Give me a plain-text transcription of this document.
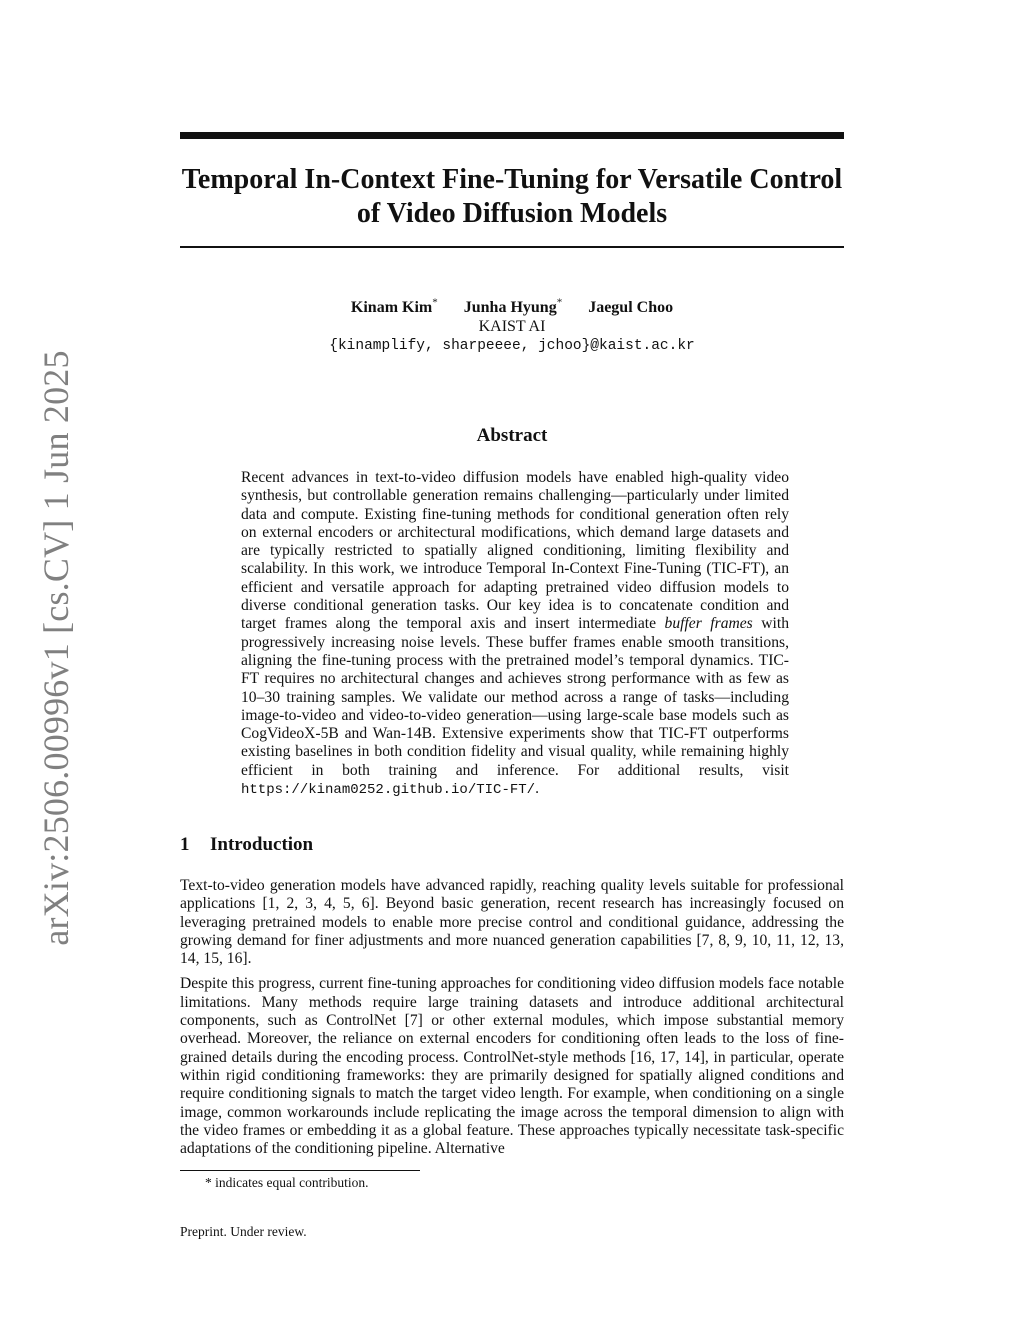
arXiv:2506.00996v1 [cs.CV] 1 Jun 2025
Temporal In-Context Fine-Tuning for Versatile Control of Video Diffusion Models
Kinam Kim* Junha Hyung* Jaegul Choo
KAIST AI
{kinamplify, sharpeeee, jchoo}@kaist.ac.kr
Abstract
Recent advances in text-to-video diffusion models have enabled high-quality video synthesis, but controllable generation remains challenging—particularly under limited data and compute. Existing fine-tuning methods for conditional generation often rely on external encoders or architectural modifications, which demand large datasets and are typically restricted to spatially aligned conditioning, limiting flexibility and scalability. In this work, we introduce Temporal In-Context Fine-Tuning (TIC-FT), an efficient and versatile approach for adapting pretrained video diffusion models to diverse conditional generation tasks. Our key idea is to concatenate condition and target frames along the temporal axis and insert intermediate buffer frames with progressively increasing noise levels. These buffer frames enable smooth transitions, aligning the fine-tuning process with the pretrained model’s temporal dynamics. TIC-FT requires no architectural changes and achieves strong performance with as few as 10–30 training samples. We validate our method across a range of tasks—including image-to-video and video-to-video generation—using large-scale base models such as CogVideoX-5B and Wan-14B. Extensive experiments show that TIC-FT outperforms existing baselines in both condition fidelity and visual quality, while remaining highly efficient in both training and inference. For additional results, visit https://kinam0252.github.io/TIC-FT/.
1 Introduction

Text-to-video generation models have advanced rapidly, reaching quality levels suitable for professional applications [1, 2, 3, 4, 5, 6]. Beyond basic generation, recent research has increasingly focused on leveraging pretrained models to enable more precise control and conditional guidance, addressing the growing demand for finer adjustments and more nuanced generation capabilities [7, 8, 9, 10, 11, 12, 13, 14, 15, 16].

Despite this progress, current fine-tuning approaches for conditioning video diffusion models face notable limitations. Many methods require large training datasets and introduce additional architectural components, such as ControlNet [7] or other external modules, which impose substantial memory overhead. Moreover, the reliance on external encoders for conditioning often leads to the loss of fine-grained details during the encoding process. ControlNet-style methods [16, 17, 14], in particular, operate within rigid conditioning frameworks: they are primarily designed for spatially aligned conditions and require conditioning signals to match the target video length. For example, when conditioning on a single image, common workarounds include replicating the image across the temporal dimension to align with the video frames or embedding it as a global feature. These approaches typically necessitate task-specific adaptations of the conditioning pipeline. Alternative

* indicates equal contribution.
Preprint. Under review.
